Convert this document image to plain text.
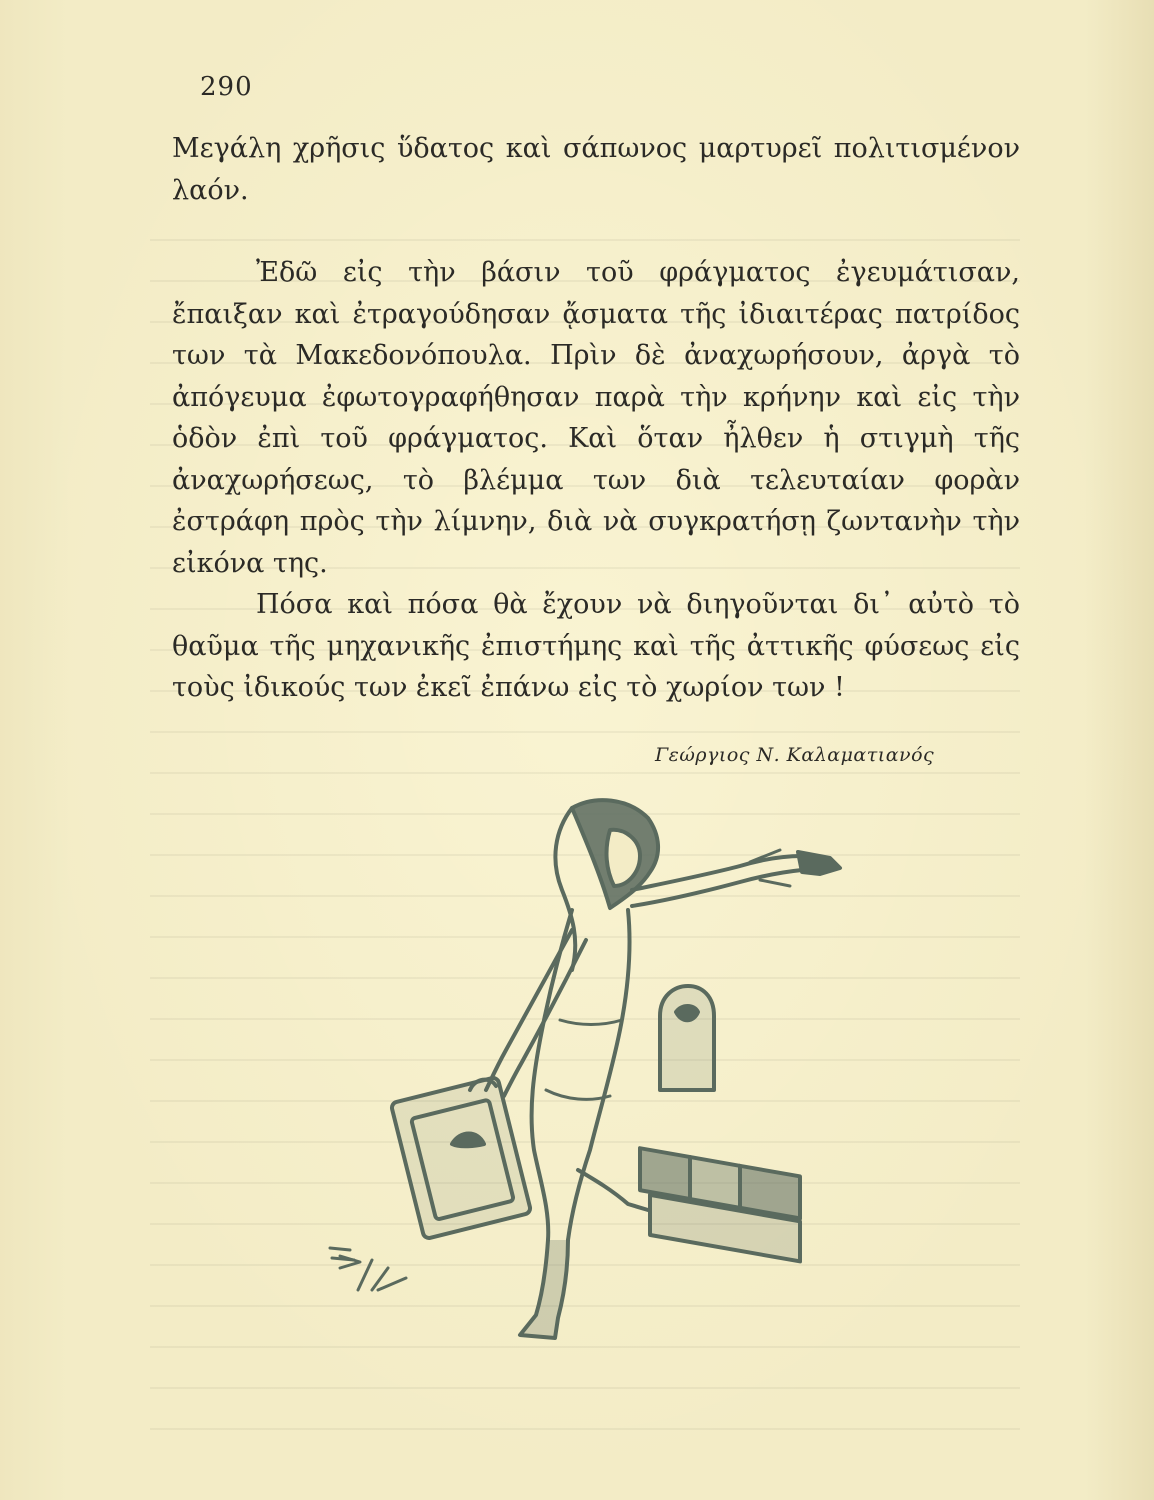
290

Μεγάλη χρῆσις ὕδατος καὶ σάπωνος μαρτυρεῖ πολιτισμένον λαόν.

Ἐδῶ εἰς τὴν βάσιν τοῦ φράγματος ἐγευμάτισαν, ἔπαιξαν καὶ ἐτραγούδησαν ᾄσματα τῆς ἰδιαιτέρας πατρίδος των τὰ Μακεδονόπουλα. Πρὶν δὲ ἀναχωρήσουν, ἀργὰ τὸ ἀπόγευμα ἐφωτογραφήθησαν παρὰ τὴν κρήνην καὶ εἰς τὴν ὁδὸν ἐπὶ τοῦ φράγματος. Καὶ ὅταν ἦλθεν ἡ στιγμὴ τῆς ἀναχωρήσεως, τὸ βλέμμα των διὰ τελευταίαν φορὰν ἐστράφη πρὸς τὴν λίμνην, διὰ νὰ συγκρατήσῃ ζωντανὴν τὴν εἰκόνα της.

Πόσα καὶ πόσα θὰ ἔχουν νὰ διηγοῦνται δι᾽ αὐτὸ τὸ θαῦμα τῆς μηχανικῆς ἐπιστήμης καὶ τῆς ἀττικῆς φύσεως εἰς τοὺς ἰδικούς των ἐκεῖ ἐπάνω εἰς τὸ χωρίον των !

Γεώργιος Ν. Καλαματιανός
